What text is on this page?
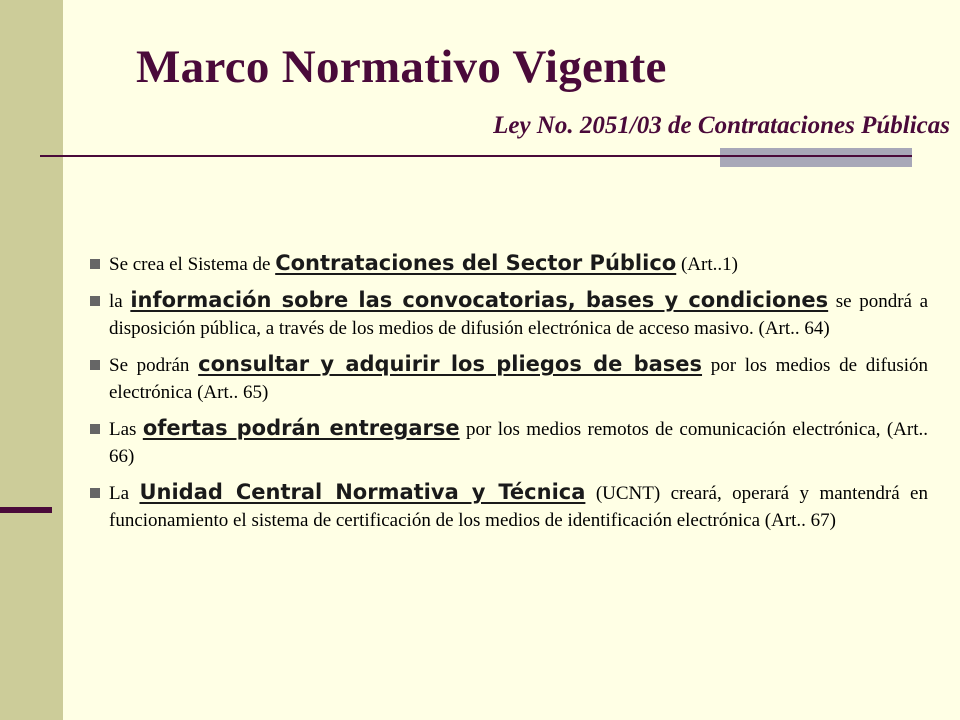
Marco Normativo Vigente
Ley No. 2051/03 de Contrataciones Públicas
Se crea el Sistema de Contrataciones del Sector Público (Art..1)
la información sobre las convocatorias, bases y condiciones se pondrá a disposición pública, a través de los medios de difusión electrónica de acceso masivo. (Art.. 64)
Se podrán consultar y adquirir los pliegos de bases por los medios de difusión electrónica (Art.. 65)
Las ofertas podrán entregarse por los medios remotos de comunicación electrónica, (Art.. 66)
La Unidad Central Normativa y Técnica (UCNT) creará, operará y mantendrá en funcionamiento el sistema de certificación de los medios de identificación electrónica (Art.. 67)
